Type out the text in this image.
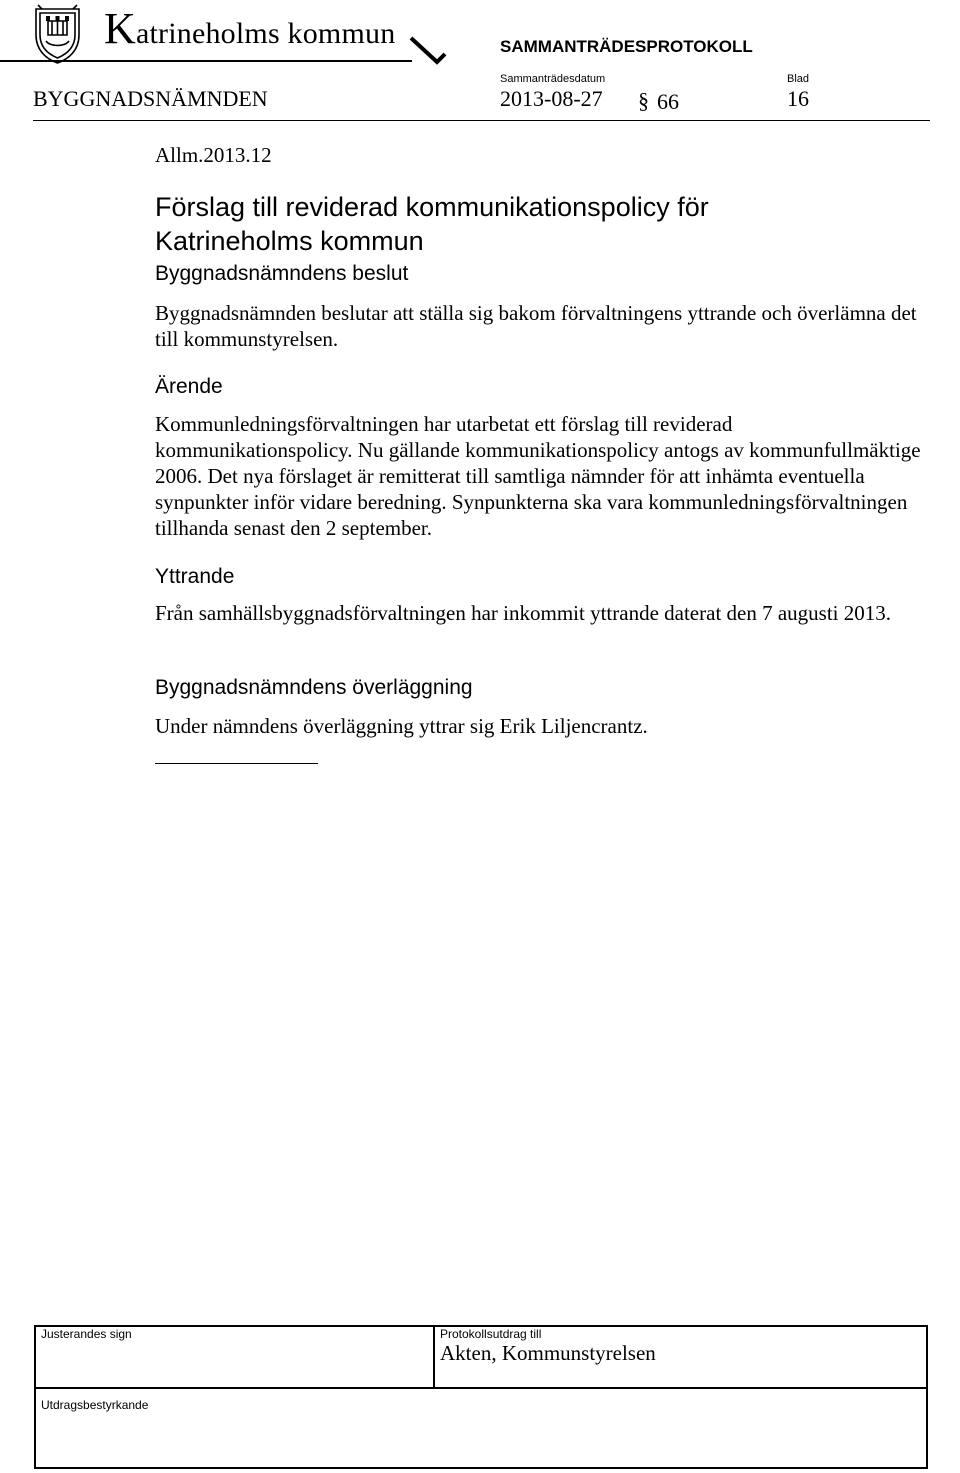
Katrineholms kommun	SAMMANTRÄDESPROTOKOLL
Sammanträdesdatum	Blad
BYGGNADSNÄMNDEN	2013-08-27 § 66	16
Allm.2013.12
Förslag till reviderad kommunikationspolicy för Katrineholms kommun
Byggnadsnämndens beslut
Byggnadsnämnden beslutar att ställa sig bakom förvaltningens yttrande och överlämna det till kommunstyrelsen.
Ärende
Kommunledningsförvaltningen har utarbetat ett förslag till reviderad kommunikationspolicy. Nu gällande kommunikationspolicy antogs av kommunfullmäktige 2006. Det nya förslaget är remitterat till samtliga nämnder för att inhämta eventuella synpunkter inför vidare beredning. Synpunkterna ska vara kommunledningsförvaltningen tillhanda senast den 2 september.
Yttrande
Från samhällsbyggnadsförvaltningen har inkommit yttrande daterat den 7 augusti 2013.
Byggnadsnämndens överläggning
Under nämndens överläggning yttrar sig Erik Liljencrantz.
Justerandes sign	Protokollsutdrag till
Akten, Kommunstyrelsen
Utdragsbestyrkande
